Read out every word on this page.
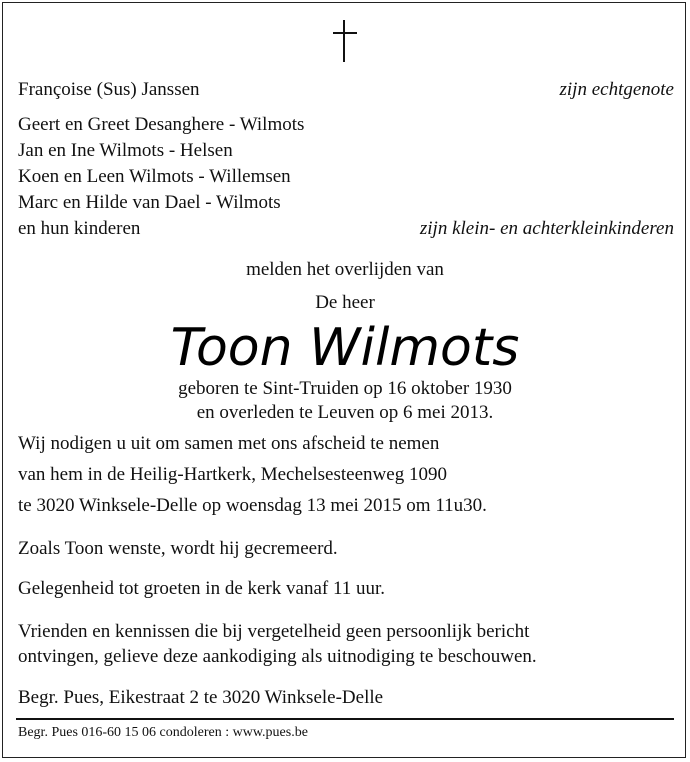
Françoise (Sus) Janssen	zijn echtgenote
Geert en Greet Desanghere - Wilmots
Jan en Ine Wilmots - Helsen
Koen en Leen Wilmots - Willemsen
Marc en Hilde van Dael - Wilmots
en hun kinderen	zijn klein- en achterkleinkinderen
melden het overlijden van
De heer
Toon Wilmots
geboren te Sint-Truiden op 16 oktober 1930
en overleden te Leuven op 6 mei 2013.
Wij nodigen u uit om samen met ons afscheid te nemen
van hem in de Heilig-Hartkerk, Mechelsesteenweg 1090
te 3020 Winksele-Delle op woensdag 13 mei 2015 om 11u30.
Zoals Toon wenste, wordt hij gecremeerd.
Gelegenheid tot groeten in de kerk vanaf 11 uur.
Vrienden en kennissen die bij vergetelheid geen persoonlijk bericht
ontvingen, gelieve deze aankodiging als uitnodiging te beschouwen.
Begr. Pues, Eikestraat 2 te 3020 Winksele-Delle
Begr. Pues 016-60 15 06 condoleren : www.pues.be
